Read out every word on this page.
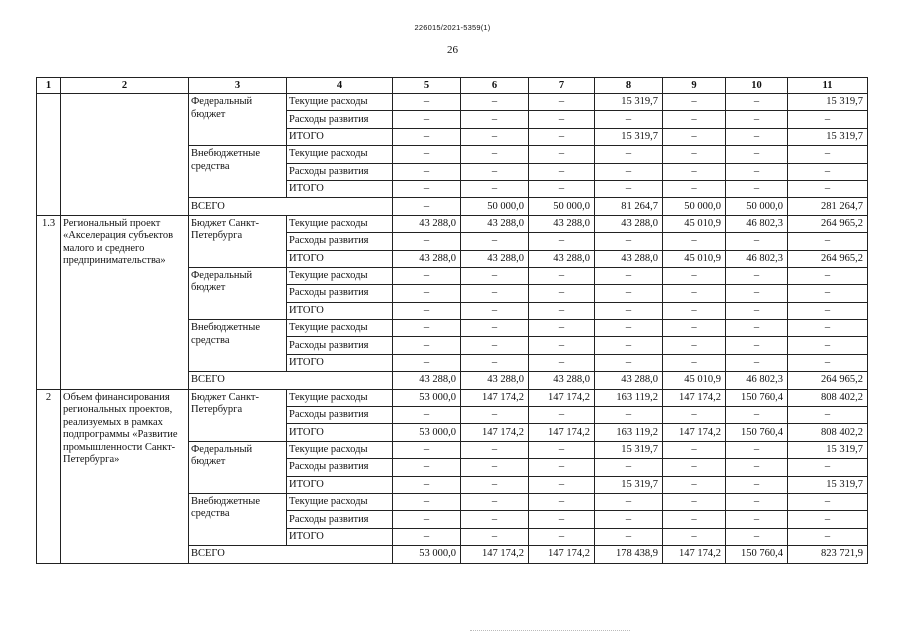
226015/2021-5359(1)
26
1	2	3	4	5	6	7	8	9	10	11
		Федеральный бюджет	Текущие расходы	–	–	–	15 319,7	–	–	15 319,7
			Расходы развития	–	–	–	–	–	–	–
			ИТОГО	–	–	–	15 319,7	–	–	15 319,7
		Внебюджетные средства	Текущие расходы	–	–	–	–	–	–	–
			Расходы развития	–	–	–	–	–	–	–
			ИТОГО	–	–	–	–	–	–	–
		ВСЕГО		–	50 000,0	50 000,0	81 264,7	50 000,0	50 000,0	281 264,7
1.3	Региональный проект «Акселерация субъектов малого и среднего предпринимательства»	Бюджет Санкт-Петербурга	Текущие расходы	43 288,0	43 288,0	43 288,0	43 288,0	45 010,9	46 802,3	264 965,2
			Расходы развития	–	–	–	–	–	–	–
			ИТОГО	43 288,0	43 288,0	43 288,0	43 288,0	45 010,9	46 802,3	264 965,2
		Федеральный бюджет	Текущие расходы	–	–	–	–	–	–	–
			Расходы развития	–	–	–	–	–	–	–
			ИТОГО	–	–	–	–	–	–	–
		Внебюджетные средства	Текущие расходы	–	–	–	–	–	–	–
			Расходы развития	–	–	–	–	–	–	–
			ИТОГО	–	–	–	–	–	–	–
		ВСЕГО		43 288,0	43 288,0	43 288,0	43 288,0	45 010,9	46 802,3	264 965,2
2	Объем финансирования региональных проектов, реализуемых в рамках подпрограммы «Развитие промышленности Санкт-Петербурга»	Бюджет Санкт-Петербурга	Текущие расходы	53 000,0	147 174,2	147 174,2	163 119,2	147 174,2	150 760,4	808 402,2
			Расходы развития	–	–	–	–	–	–	–
			ИТОГО	53 000,0	147 174,2	147 174,2	163 119,2	147 174,2	150 760,4	808 402,2
		Федеральный бюджет	Текущие расходы	–	–	–	15 319,7	–	–	15 319,7
			Расходы развития	–	–	–	–	–	–	–
			ИТОГО	–	–	–	15 319,7	–	–	15 319,7
		Внебюджетные средства	Текущие расходы	–	–	–	–	–	–	–
			Расходы развития	–	–	–	–	–	–	–
			ИТОГО	–	–	–	–	–	–	–
		ВСЕГО		53 000,0	147 174,2	147 174,2	178 438,9	147 174,2	150 760,4	823 721,9
